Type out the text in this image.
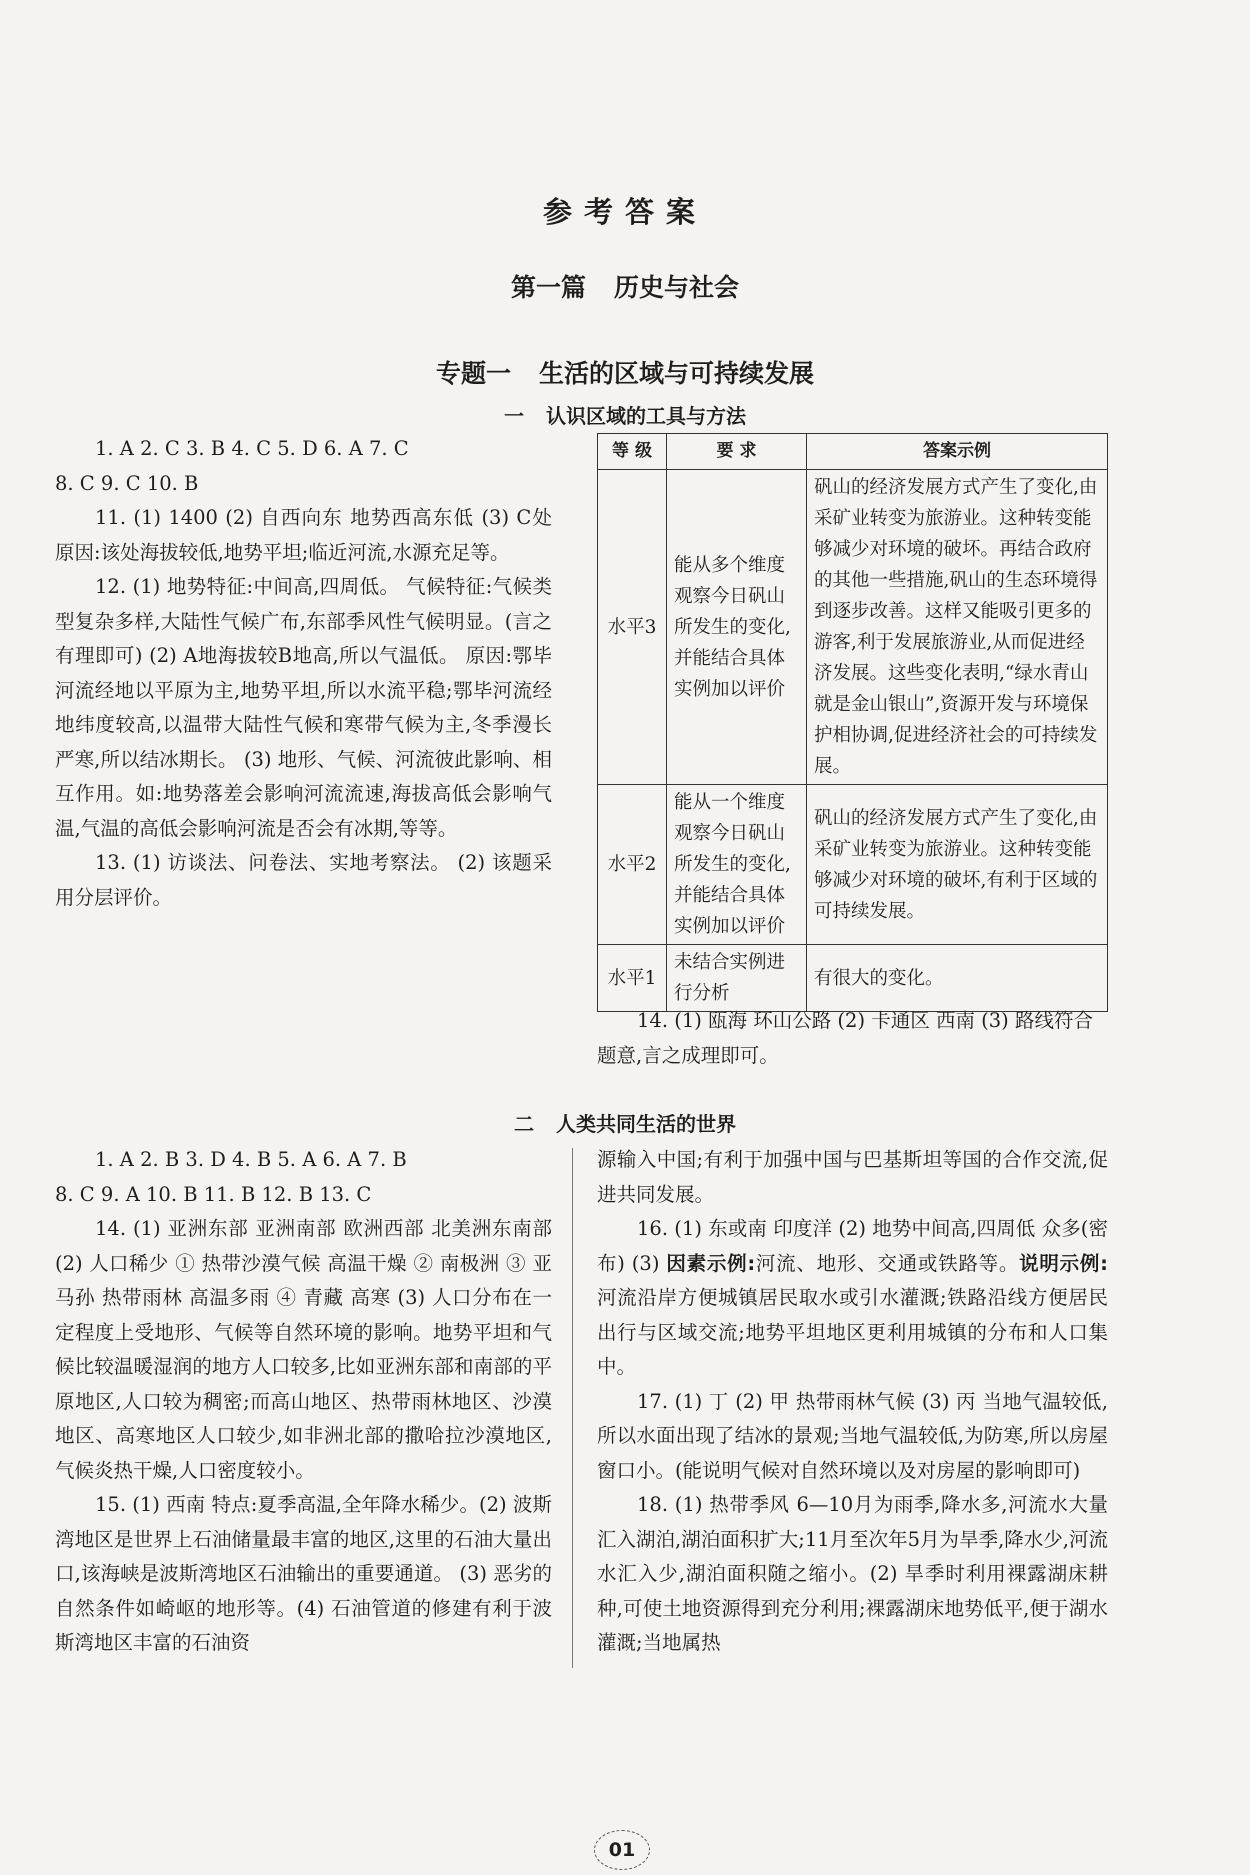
参考答案
第一篇 历史与社会
专题一 生活的区域与可持续发展
一 认识区域的工具与方法

1. A 2. C 3. B 4. C 5. D 6. A 7. C

8. C 9. C 10. B

11. (1) 1400 (2) 自西向东 地势西高东低 (3) C处 原因:该处海拔较低,地势平坦;临近河流,水源充足等。

12. (1) 地势特征:中间高,四周低。 气候特征:气候类型复杂多样,大陆性气候广布,东部季风性气候明显。(言之有理即可) (2) A地海拔较B地高,所以气温低。 原因:鄂毕河流经地以平原为主,地势平坦,所以水流平稳;鄂毕河流经地纬度较高,以温带大陆性气候和寒带气候为主,冬季漫长严寒,所以结冰期长。 (3) 地形、气候、河流彼此影响、相互作用。如:地势落差会影响河流流速,海拔高低会影响气温,气温的高低会影响河流是否会有冰期,等等。

13. (1) 访谈法、问卷法、实地考察法。 (2) 该题采用分层评价。

等 级	要 求	答案示例
水平3	能从多个维度观察今日矾山所发生的变化,并能结合具体实例加以评价	矾山的经济发展方式产生了变化,由采矿业转变为旅游业。这种转变能够减少对环境的破坏。再结合政府的其他一些措施,矾山的生态环境得到逐步改善。这样又能吸引更多的游客,利于发展旅游业,从而促进经济发展。这些变化表明,“绿水青山就是金山银山”,资源开发与环境保护相协调,促进经济社会的可持续发展。
水平2	能从一个维度观察今日矾山所发生的变化,并能结合具体实例加以评价	矾山的经济发展方式产生了变化,由采矿业转变为旅游业。这种转变能够减少对环境的破坏,有利于区域的可持续发展。
水平1	未结合实例进行分析	有很大的变化。

14. (1) 瓯海 环山公路 (2) 卡通区 西南 (3) 路线符合题意,言之成理即可。

二 人类共同生活的世界

1. A 2. B 3. D 4. B 5. A 6. A 7. B

8. C 9. A 10. B 11. B 12. B 13. C

14. (1) 亚洲东部 亚洲南部 欧洲西部 北美洲东南部 (2) 人口稀少 ① 热带沙漠气候 高温干燥 ② 南极洲 ③ 亚马孙 热带雨林 高温多雨 ④ 青藏 高寒 (3) 人口分布在一定程度上受地形、气候等自然环境的影响。地势平坦和气候比较温暖湿润的地方人口较多,比如亚洲东部和南部的平原地区,人口较为稠密;而高山地区、热带雨林地区、沙漠地区、高寒地区人口较少,如非洲北部的撒哈拉沙漠地区,气候炎热干燥,人口密度较小。

15. (1) 西南 特点:夏季高温,全年降水稀少。(2) 波斯湾地区是世界上石油储量最丰富的地区,这里的石油大量出口,该海峡是波斯湾地区石油输出的重要通道。 (3) 恶劣的自然条件如崎岖的地形等。(4) 石油管道的修建有利于波斯湾地区丰富的石油资

源输入中国;有利于加强中国与巴基斯坦等国的合作交流,促进共同发展。

16. (1) 东或南 印度洋 (2) 地势中间高,四周低 众多(密布) (3) 因素示例:河流、地形、交通或铁路等。说明示例:河流沿岸方便城镇居民取水或引水灌溉;铁路沿线方便居民出行与区域交流;地势平坦地区更利用城镇的分布和人口集中。

17. (1) 丁 (2) 甲 热带雨林气候 (3) 丙 当地气温较低,所以水面出现了结冰的景观;当地气温较低,为防寒,所以房屋窗口小。(能说明气候对自然环境以及对房屋的影响即可)

18. (1) 热带季风 6—10月为雨季,降水多,河流水大量汇入湖泊,湖泊面积扩大;11月至次年5月为旱季,降水少,河流水汇入少,湖泊面积随之缩小。(2) 旱季时利用裸露湖床耕种,可使土地资源得到充分利用;裸露湖床地势低平,便于湖水灌溉;当地属热

01
